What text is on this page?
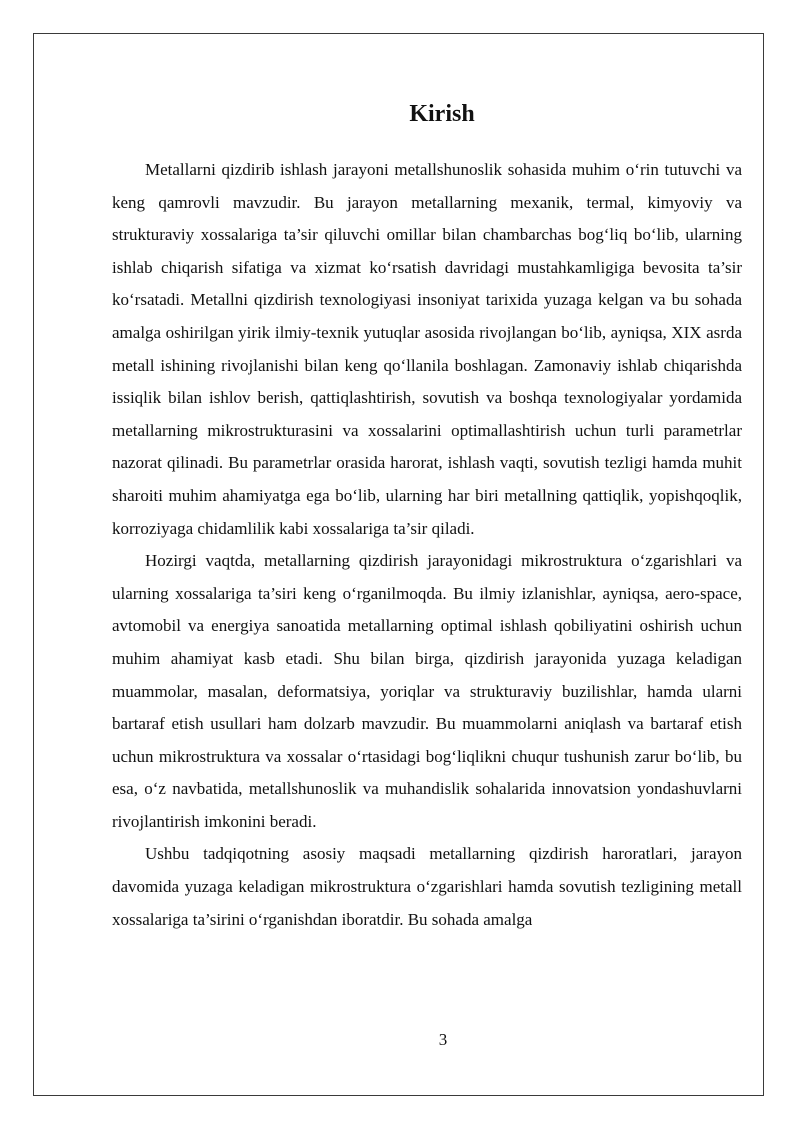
Kirish

Metallarni qizdirib ishlash jarayoni metallshunoslik sohasida muhim o‘rin tutuvchi va keng qamrovli mavzudir. Bu jarayon metallarning mexanik, termal, kimyoviy va strukturaviy xossalariga ta’sir qiluvchi omillar bilan chambarchas bog‘liq bo‘lib, ularning ishlab chiqarish sifatiga va xizmat ko‘rsatish davridagi mustahkamligiga bevosita ta’sir ko‘rsatadi. Metallni qizdirish texnologiyasi insoniyat tarixida yuzaga kelgan va bu sohada amalga oshirilgan yirik ilmiy-texnik yutuqlar asosida rivojlangan bo‘lib, ayniqsa, XIX asrda metall ishining rivojlanishi bilan keng qo‘llanila boshlagan. Zamonaviy ishlab chiqarishda issiqlik bilan ishlov berish, qattiqlashtirish, sovutish va boshqa texnologiyalar yordamida metallarning mikrostrukturasini va xossalarini optimallashtirish uchun turli parametrlar nazorat qilinadi. Bu parametrlar orasida harorat, ishlash vaqti, sovutish tezligi hamda muhit sharoiti muhim ahamiyatga ega bo‘lib, ularning har biri metallning qattiqlik, yopishqoqlik, korroziyaga chidamlilik kabi xossalariga ta’sir qiladi.

Hozirgi vaqtda, metallarning qizdirish jarayonidagi mikrostruktura o‘zgarishlari va ularning xossalariga ta’siri keng o‘rganilmoqda. Bu ilmiy izlanishlar, ayniqsa, aero-space, avtomobil va energiya sanoatida metallarning optimal ishlash qobiliyatini oshirish uchun muhim ahamiyat kasb etadi. Shu bilan birga, qizdirish jarayonida yuzaga keladigan muammolar, masalan, deformatsiya, yoriqlar va strukturaviy buzilishlar, hamda ularni bartaraf etish usullari ham dolzarb mavzudir. Bu muammolarni aniqlash va bartaraf etish uchun mikrostruktura va xossalar o‘rtasidagi bog‘liqlikni chuqur tushunish zarur bo‘lib, bu esa, o‘z navbatida, metallshunoslik va muhandislik sohalarida innovatsion yondashuvlarni rivojlantirish imkonini beradi.

Ushbu tadqiqotning asosiy maqsadi metallarning qizdirish haroratlari, jarayon davomida yuzaga keladigan mikrostruktura o‘zgarishlari hamda sovutish tezligining metall xossalariga ta’sirini o‘rganishdan iboratdir. Bu sohada amalga

3
